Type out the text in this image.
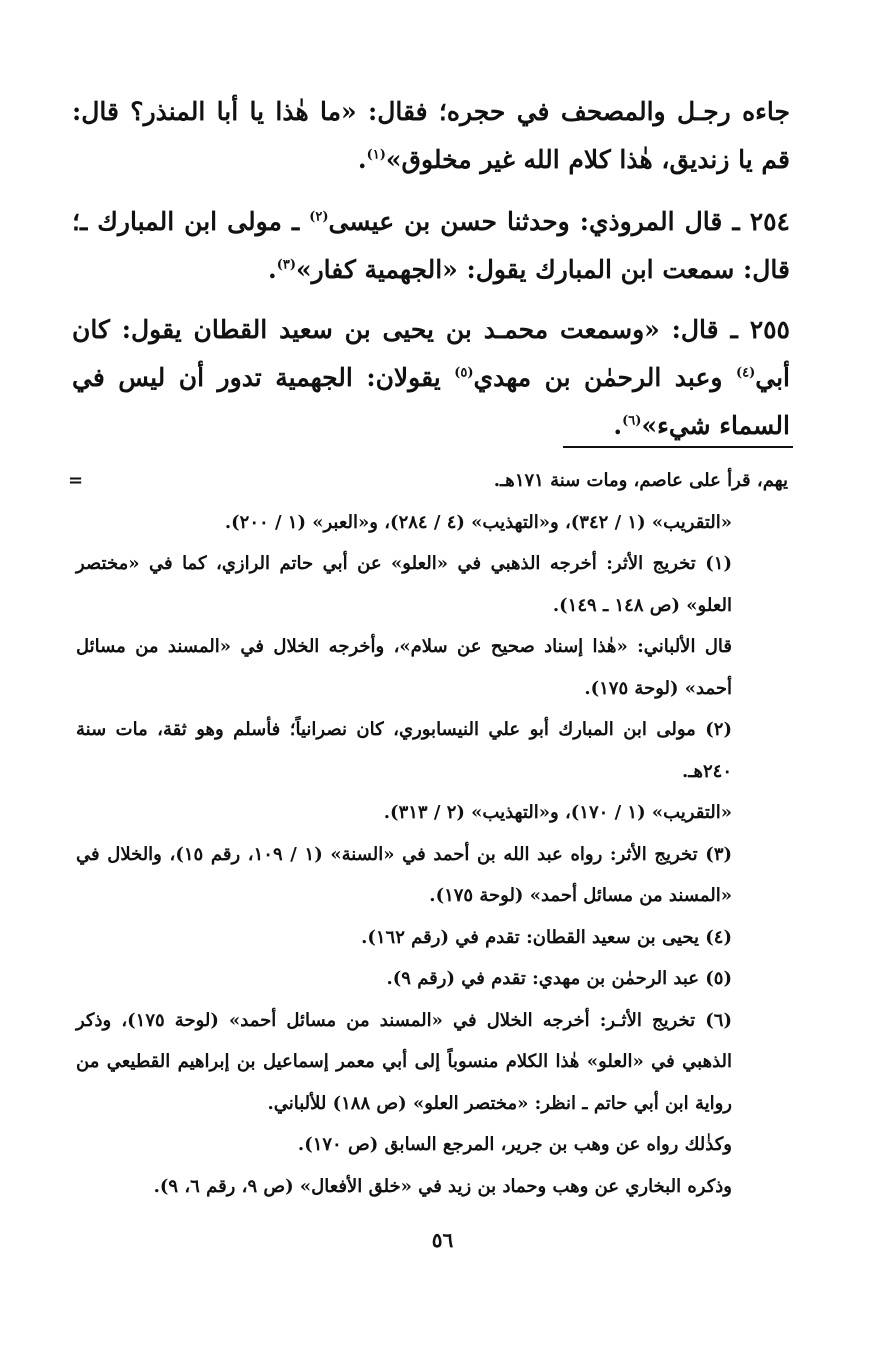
جاءه رجـل والمصحف في حجره؛ فقال: «ما هٰذا يا أبا المنذر؟ قال: قم يا زنديق، هٰذا كلام الله غير مخلوق»$^{(١)}$.

٢٥٤ ـ قال المروذي: وحدثنا حسن بن عيسى$^{(٢)}$ ـ مولى ابن المبارك ـ؛ قال: سمعت ابن المبارك يقول: «الجهمية كفار»$^{(٣)}$.

٢٥٥ ـ قال: «وسمعت محمـد بن يحيى بن سعيد القطان يقول: كان أبي$^{(٤)}$ وعبد الرحمٰن بن مهدي$^{(٥)}$ يقولان: الجهمية تدور أن ليس في السماء شيء»$^{(٦)}$.

=	يهم، قرأ على عاصم، ومات سنة ١٧١هـ.

«التقريب» (١ / ٣٤٢)، و«التهذيب» (٤ / ٢٨٤)، و«العبر» (١ / ٢٠٠).

(١) تخريج الأثر: أخرجه الذهبي في «العلو» عن أبي حاتم الرازي، كما في «مختصر العلو» (ص ١٤٨ ـ ١٤٩).

قال الألباني: «هٰذا إسناد صحيح عن سلام»، وأخرجه الخلال في «المسند من مسائل أحمد» (لوحة ١٧٥).

(٢) مولى ابن المبارك أبو علي النيسابوري، كان نصرانياً؛ فأسلم وهو ثقة، مات سنة ٢٤٠هـ.

«التقريب» (١ / ١٧٠)، و«التهذيب» (٢ / ٣١٣).

(٣) تخريج الأثر: رواه عبد الله بن أحمد في «السنة» (١ / ١٠٩، رقم ١٥)، والخلال في «المسند من مسائل أحمد» (لوحة ١٧٥).

(٤) يحيى بن سعيد القطان: تقدم في (رقم ١٦٢).

(٥) عبد الرحمٰن بن مهدي: تقدم في (رقم ٩).

(٦) تخريج الأثـر: أخرجه الخلال في «المسند من مسائل أحمد» (لوحة ١٧٥)، وذكر الذهبي في «العلو» هٰذا الكلام منسوباً إلى أبي معمر إسماعيل بن إبراهيم القطيعي من رواية ابن أبي حاتم ـ انظر: «مختصر العلو» (ص ١٨٨) للألباني.

وكذٰلك رواه عن وهب بن جرير، المرجع السابق (ص ١٧٠).

وذكره البخاري عن وهب وحماد بن زيد في «خلق الأفعال» (ص ٩، رقم ٦، ٩).

٥٦
